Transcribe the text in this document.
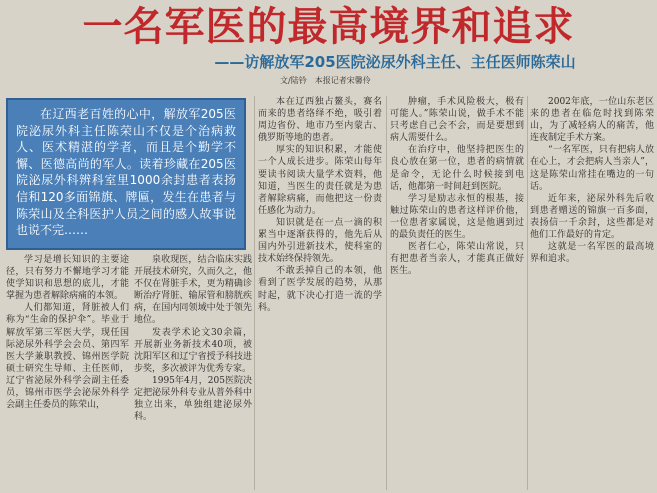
一名军医的最高境界和追求
——访解放军205医院泌尿外科主任、主任医师陈荣山
文/陆钤　本报记者宋馨伶

在辽西老百姓的心中，解放军205医院泌尿外科主任陈荣山不仅是个治病救人、医术精湛的学者，而且是个勤学不懈、医德高尚的军人。读着珍藏在205医院泌尿外科辨科室里1000余封患者表扬信和120多面锦旗、牌匾，发生在患者与陈荣山及全科医护人员之间的感人故事说也说不完……

学习是增长知识的主要途径，只有努力不懈地学习才能使学知识和思想的底儿，才能掌握为患者解除病痛的本领。

人们都知道，肾脏被人们称为“生命的保护伞”。毕业于解放军第三军医大学，现任国际泌尿外科学会会员、第四军医大学兼职教授、锦州医学院硕士研究生导师、主任医师，辽宁省泌尿外科学会副主任委员，锦州市医学会泌尿外科学会副主任委员的陈荣山，

泉收现医，结合临床实践开展技术研究，久而久之，他不仅在肾脏手术，更为精确诊断治疗肾脏、输尿管和膀胱疾病，在国内同领域中处于领先地位。

发表学术论文30余篇，开展新业务新技术40项，被沈阳军区和辽宁省授予科技进步奖，多次被评为优秀专家。

1995年4月，205医院决定把泌尿外科专业从普外科中独立出来，单独组建泌尿外科。

本在辽西独占鳌头，赛名而来的患者络绎不绝，吸引着周边省份、地市乃至内蒙古、俄罗斯等地的患者。

厚实的知识积累，才能使一个人成长进步。陈荣山每年要读书阅读大量学术资料，他知道，当医生的责任就是为患者解除病痛，而他把这一份责任感化为动力。

知识就是在一点一滴的积累当中逐渐获得的，他先后从国内外引进新技术，使科室的技术始终保持领先。

不敢丢掉自己的本领，他看到了医学发展的趋势，从那时起，就下决心打造一流的学科。

肿瘤，手术风险极大，极有可能人。”陈荣山说，做手术不能只考虑自己会不会，而是要想到病人需要什么。

在治疗中，他坚持把医生的良心放在第一位，患者的病情就是命令，无论什么时候接到电话，他都第一时间赶到医院。

学习是励志永恒的根基，接触过陈荣山的患者这样评价他，一位患者家属说，这是他遇到过的最负责任的医生。

医者仁心，陈荣山常说，只有把患者当亲人，才能真正做好医生。

2002年底，一位山东老区来的患者在临危时找到陈荣山，为了减轻病人的痛苦，他连夜制定手术方案。

“一名军医，只有把病人放在心上，才会把病人当亲人”，这是陈荣山常挂在嘴边的一句话。

近年来，泌尿外科先后收到患者赠送的锦旗一百多面，表扬信一千余封，这些都是对他们工作最好的肯定。

这就是一名军医的最高境界和追求。
